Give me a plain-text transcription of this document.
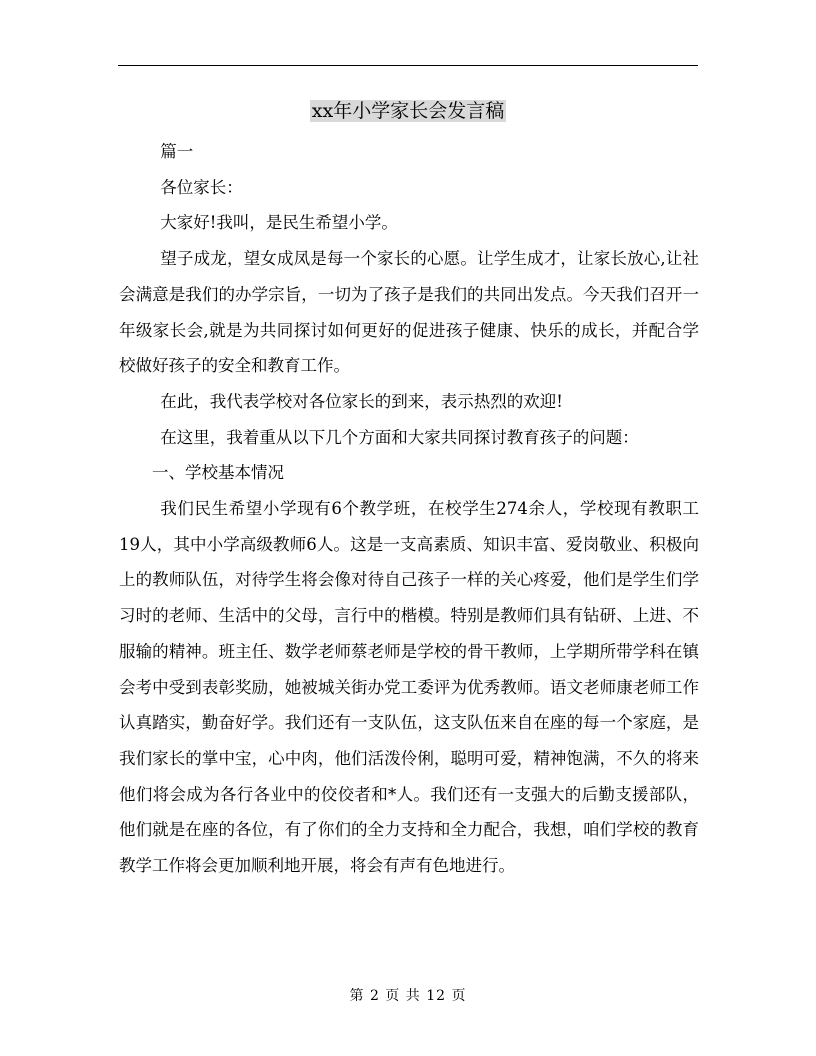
xx年小学家长会发言稿

篇一

各位家长：

大家好!我叫，是民生希望小学。

望子成龙，望女成凤是每一个家长的心愿。让学生成才，让家长放心,让社会满意是我们的办学宗旨，一切为了孩子是我们的共同出发点。今天我们召开一年级家长会,就是为共同探讨如何更好的促进孩子健康、快乐的成长，并配合学校做好孩子的安全和教育工作。

在此，我代表学校对各位家长的到来，表示热烈的欢迎!

在这里，我着重从以下几个方面和大家共同探讨教育孩子的问题：

一、学校基本情况

我们民生希望小学现有6个教学班，在校学生274余人，学校现有教职工19人，其中小学高级教师6人。这是一支高素质、知识丰富、爱岗敬业、积极向上的教师队伍，对待学生将会像对待自己孩子一样的关心疼爱，他们是学生们学习时的老师、生活中的父母，言行中的楷模。特别是教师们具有钻研、上进、不服输的精神。班主任、数学老师蔡老师是学校的骨干教师，上学期所带学科在镇会考中受到表彰奖励，她被城关街办党工委评为优秀教师。语文老师康老师工作认真踏实，勤奋好学。我们还有一支队伍，这支队伍来自在座的每一个家庭，是我们家长的掌中宝，心中肉，他们活泼伶俐，聪明可爱，精神饱满，不久的将来他们将会成为各行各业中的佼佼者和*人。我们还有一支强大的后勤支援部队，他们就是在座的各位，有了你们的全力支持和全力配合，我想，咱们学校的教育教学工作将会更加顺利地开展，将会有声有色地进行。

第 2 页 共 12 页
